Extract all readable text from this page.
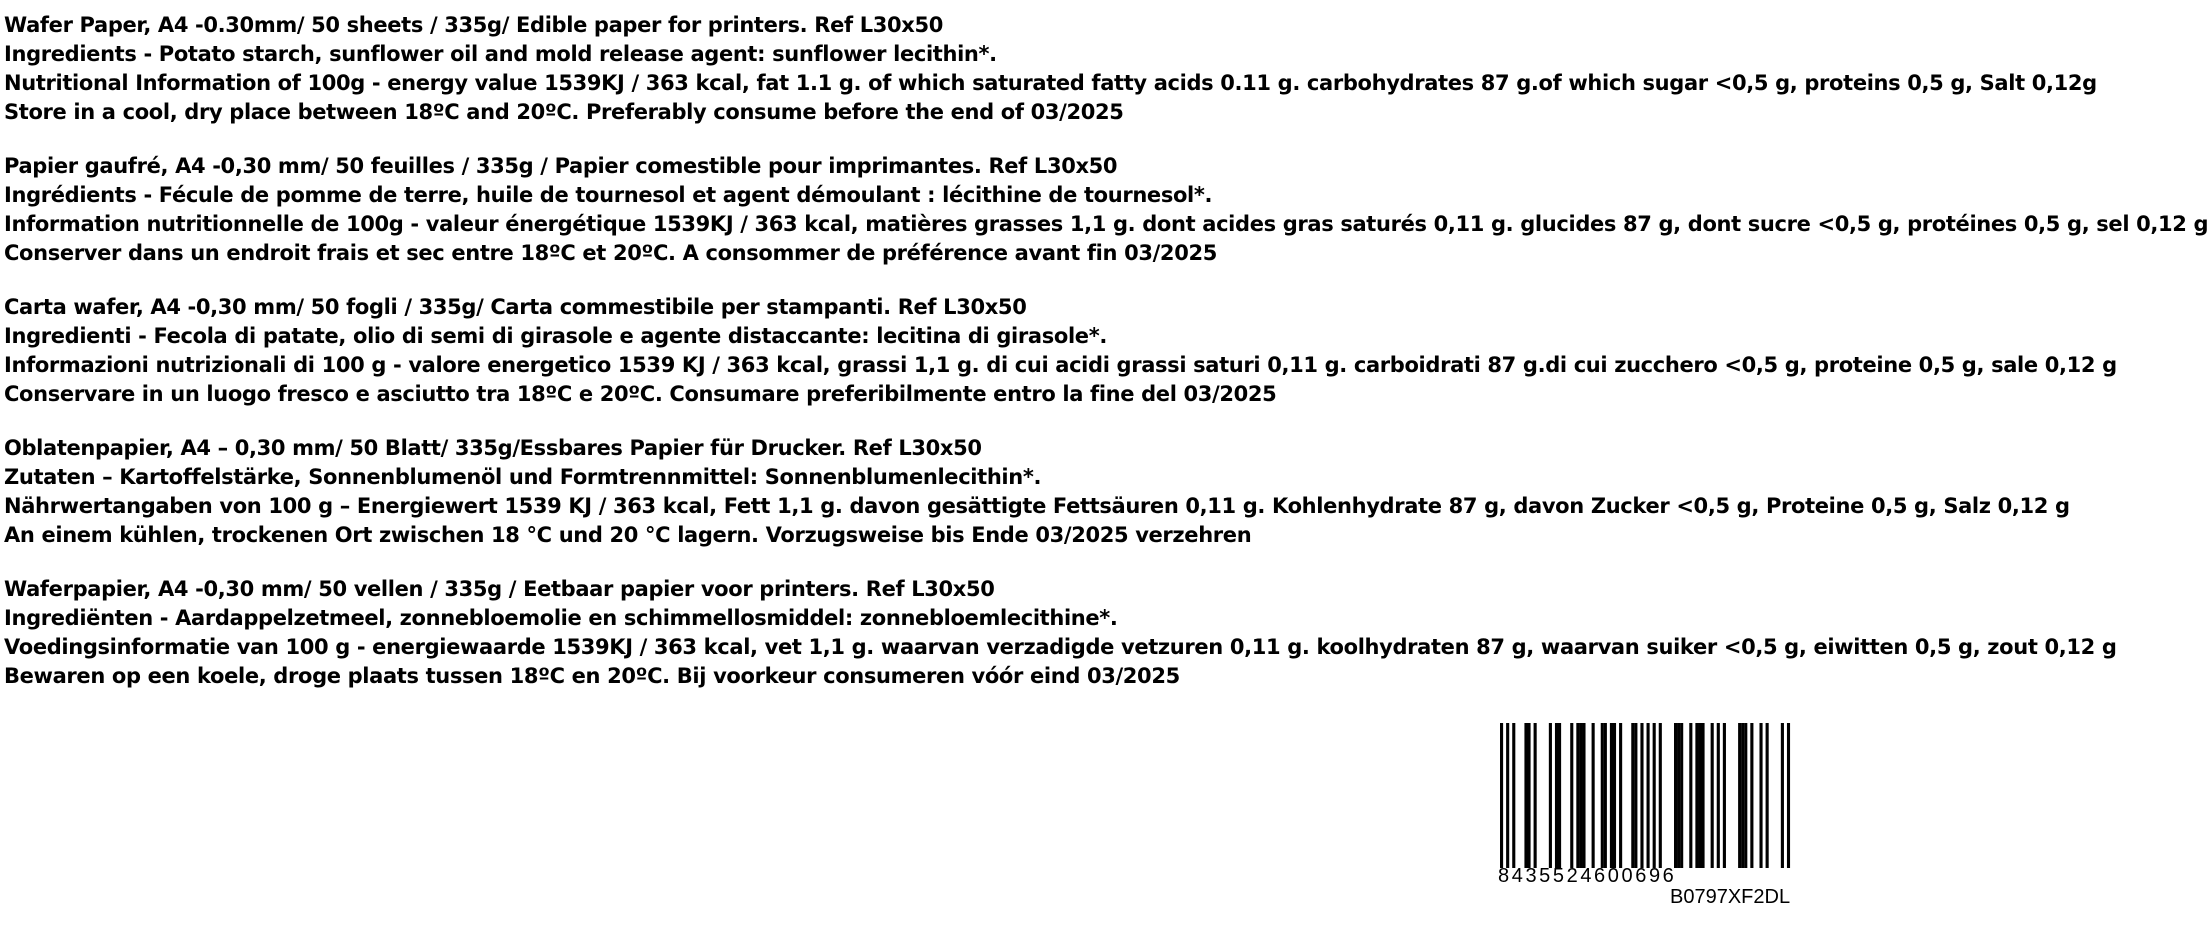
Wafer Paper, A4 -0.30mm/ 50 sheets / 335g/ Edible paper for printers. Ref L30x50
Ingredients - Potato starch, sunflower oil and mold release agent: sunflower lecithin*.
Nutritional Information of 100g - energy value 1539KJ / 363 kcal, fat 1.1 g. of which saturated fatty acids 0.11 g. carbohydrates 87 g.of which sugar <0,5 g, proteins 0,5 g, Salt 0,12g
Store in a cool, dry place between 18ºC and 20ºC. Preferably consume before the end of 03/2025
Papier gaufré, A4 -0,30 mm/ 50 feuilles / 335g / Papier comestible pour imprimantes. Ref L30x50
Ingrédients - Fécule de pomme de terre, huile de tournesol et agent démoulant : lécithine de tournesol*.
Information nutritionnelle de 100g - valeur énergétique 1539KJ / 363 kcal, matières grasses 1,1 g. dont acides gras saturés 0,11 g. glucides 87 g, dont sucre <0,5 g, protéines 0,5 g, sel 0,12 g
Conserver dans un endroit frais et sec entre 18ºC et 20ºC. A consommer de préférence avant fin 03/2025
Carta wafer, A4 -0,30 mm/ 50 fogli / 335g/ Carta commestibile per stampanti. Ref L30x50
Ingredienti - Fecola di patate, olio di semi di girasole e agente distaccante: lecitina di girasole*.
Informazioni nutrizionali di 100 g - valore energetico 1539 KJ / 363 kcal, grassi 1,1 g. di cui acidi grassi saturi 0,11 g. carboidrati 87 g.di cui zucchero <0,5 g, proteine 0,5 g, sale 0,12 g
Conservare in un luogo fresco e asciutto tra 18ºC e 20ºC. Consumare preferibilmente entro la fine del 03/2025
Oblatenpapier, A4 – 0,30 mm/ 50 Blatt/ 335g/Essbares Papier für Drucker. Ref L30x50
Zutaten – Kartoffelstärke, Sonnenblumenöl und Formtrennmittel: Sonnenblumenlecithin*.
Nährwertangaben von 100 g – Energiewert 1539 KJ / 363 kcal, Fett 1,1 g. davon gesättigte Fettsäuren 0,11 g. Kohlenhydrate 87 g, davon Zucker <0,5 g, Proteine 0,5 g, Salz 0,12 g
An einem kühlen, trockenen Ort zwischen 18 °C und 20 °C lagern. Vorzugsweise bis Ende 03/2025 verzehren
Waferpapier, A4 -0,30 mm/ 50 vellen / 335g / Eetbaar papier voor printers. Ref L30x50
Ingrediënten - Aardappelzetmeel, zonnebloemolie en schimmellosmiddel: zonnebloemlecithine*.
Voedingsinformatie van 100 g - energiewaarde 1539KJ / 363 kcal, vet 1,1 g. waarvan verzadigde vetzuren 0,11 g. koolhydraten 87 g, waarvan suiker <0,5 g, eiwitten 0,5 g, zout 0,12 g
Bewaren op een koele, droge plaats tussen 18ºC en 20ºC. Bij voorkeur consumeren vóór eind 03/2025
8435524600696
B0797XF2DL
